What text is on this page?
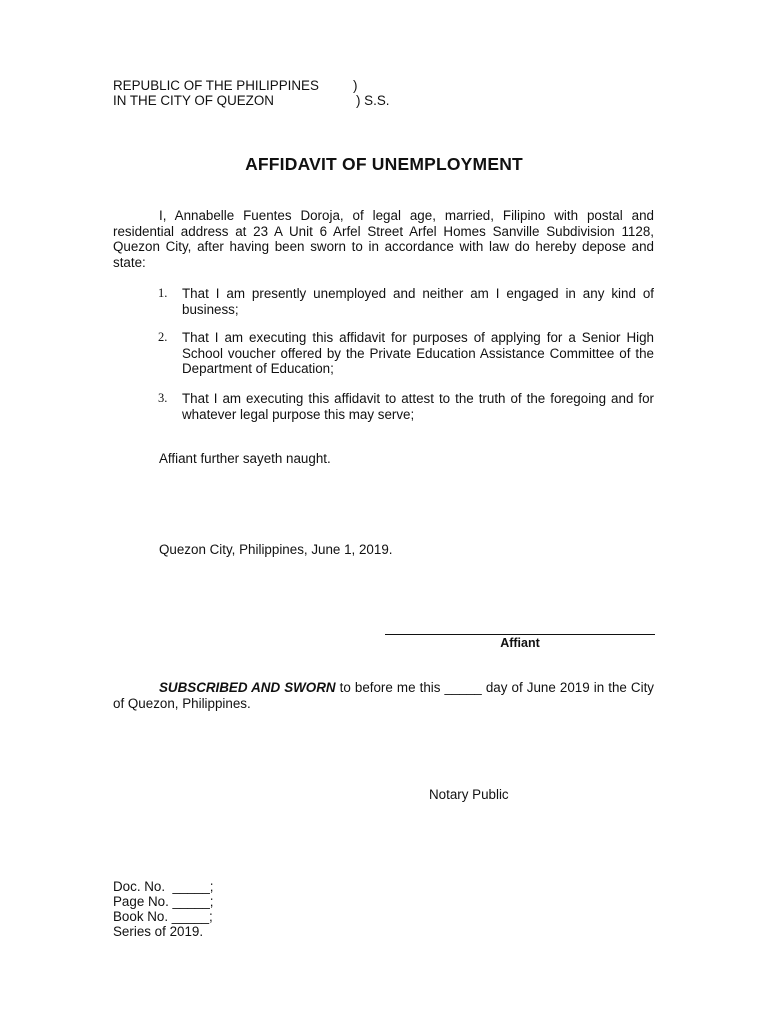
REPUBLIC OF THE PHILIPPINES	)
IN THE CITY OF QUEZON	) S.S.
AFFIDAVIT OF UNEMPLOYMENT
I, Annabelle Fuentes Doroja, of legal age, married, Filipino with postal and residential address at 23 A Unit 6 Arfel Street Arfel Homes Sanville Subdivision 1128, Quezon City, after having been sworn to in accordance with law do hereby depose and state:
1. That I am presently unemployed and neither am I engaged in any kind of business;
2. That I am executing this affidavit for purposes of applying for a Senior High School voucher offered by the Private Education Assistance Committee of the Department of Education;
3. That I am executing this affidavit to attest to the truth of the foregoing and for whatever legal purpose this may serve;
Affiant further sayeth naught.
Quezon City, Philippines, June 1, 2019.
Affiant
SUBSCRIBED AND SWORN to before me this _____ day of June 2019 in the City of Quezon, Philippines.
Notary Public
Doc. No.  _____;
Page No. _____;
Book No. _____;
Series of 2019.
